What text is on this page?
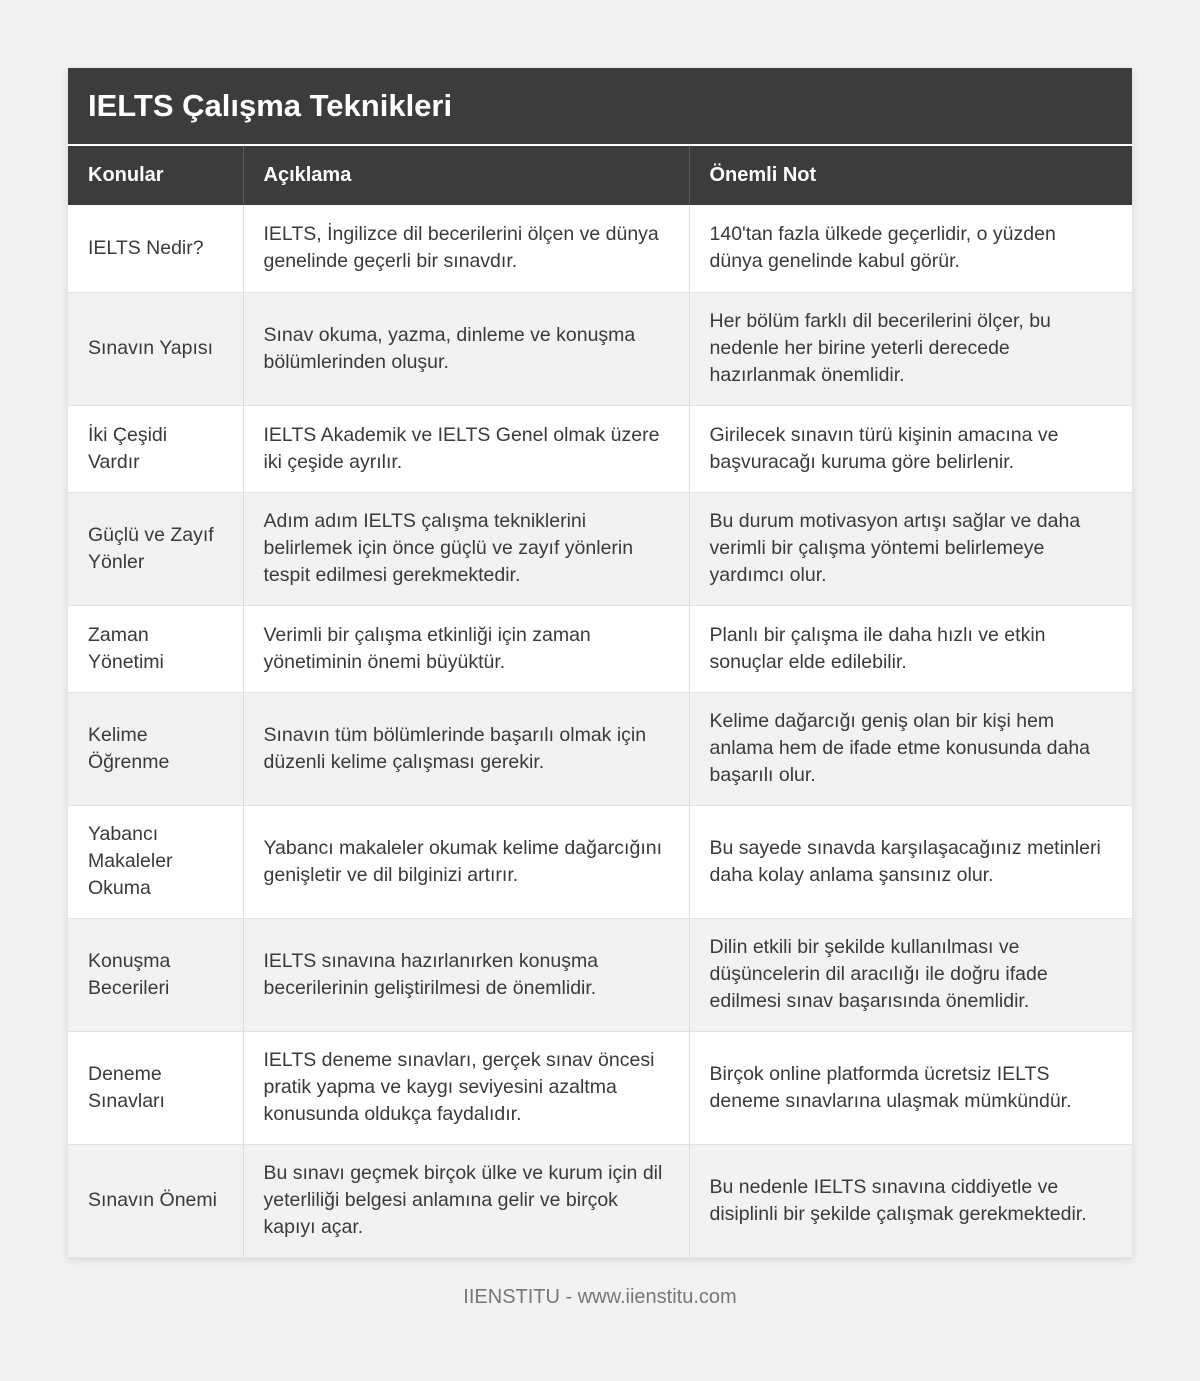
IELTS Çalışma Teknikleri
Konular	Açıklama	Önemli Not
IELTS Nedir?	IELTS, İngilizce dil becerilerini ölçen ve dünya genelinde geçerli bir sınavdır.	140'tan fazla ülkede geçerlidir, o yüzden dünya genelinde kabul görür.
Sınavın Yapısı	Sınav okuma, yazma, dinleme ve konuşma bölümlerinden oluşur.	Her bölüm farklı dil becerilerini ölçer, bu nedenle her birine yeterli derecede hazırlanmak önemlidir.
İki Çeşidi Vardır	IELTS Akademik ve IELTS Genel olmak üzere iki çeşide ayrılır.	Girilecek sınavın türü kişinin amacına ve başvuracağı kuruma göre belirlenir.
Güçlü ve Zayıf Yönler	Adım adım IELTS çalışma tekniklerini belirlemek için önce güçlü ve zayıf yönlerin tespit edilmesi gerekmektedir.	Bu durum motivasyon artışı sağlar ve daha verimli bir çalışma yöntemi belirlemeye yardımcı olur.
Zaman Yönetimi	Verimli bir çalışma etkinliği için zaman yönetiminin önemi büyüktür.	Planlı bir çalışma ile daha hızlı ve etkin sonuçlar elde edilebilir.
Kelime Öğrenme	Sınavın tüm bölümlerinde başarılı olmak için düzenli kelime çalışması gerekir.	Kelime dağarcığı geniş olan bir kişi hem anlama hem de ifade etme konusunda daha başarılı olur.
Yabancı Makaleler Okuma	Yabancı makaleler okumak kelime dağarcığını genişletir ve dil bilginizi artırır.	Bu sayede sınavda karşılaşacağınız metinleri daha kolay anlama şansınız olur.
Konuşma Becerileri	IELTS sınavına hazırlanırken konuşma becerilerinin geliştirilmesi de önemlidir.	Dilin etkili bir şekilde kullanılması ve düşüncelerin dil aracılığı ile doğru ifade edilmesi sınav başarısında önemlidir.
Deneme Sınavları	IELTS deneme sınavları, gerçek sınav öncesi pratik yapma ve kaygı seviyesini azaltma konusunda oldukça faydalıdır.	Birçok online platformda ücretsiz IELTS deneme sınavlarına ulaşmak mümkündür.
Sınavın Önemi	Bu sınavı geçmek birçok ülke ve kurum için dil yeterliliği belgesi anlamına gelir ve birçok kapıyı açar.	Bu nedenle IELTS sınavına ciddiyetle ve disiplinli bir şekilde çalışmak gerekmektedir.
IIENSTITU - www.iienstitu.com
